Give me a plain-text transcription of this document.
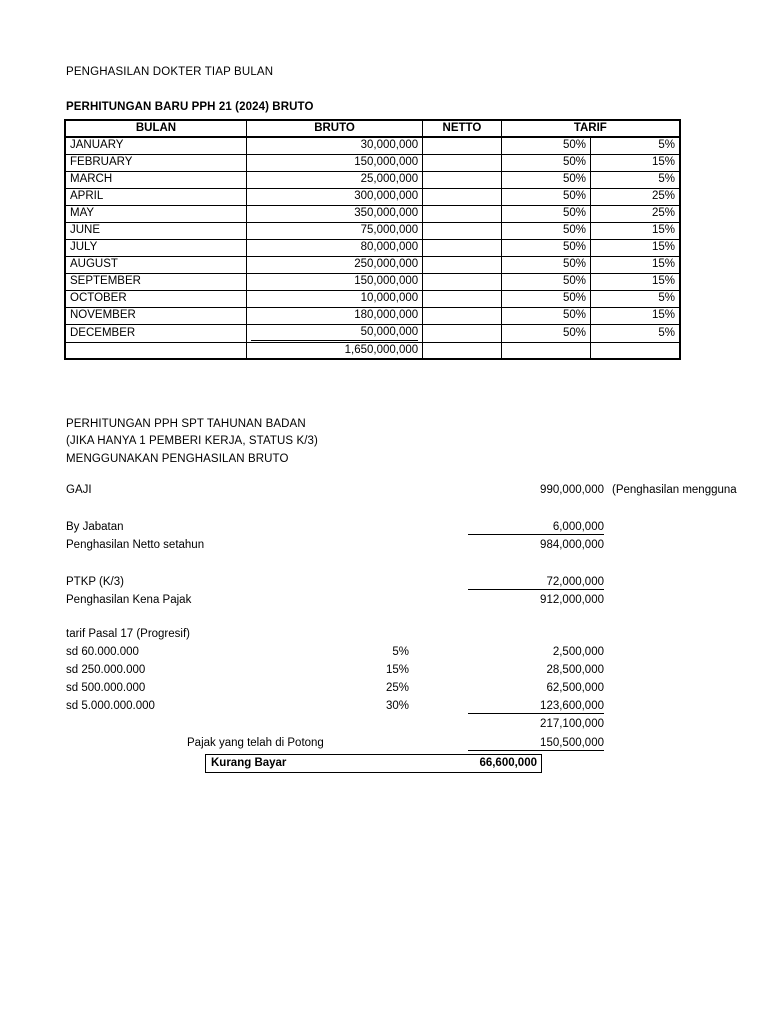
PENGHASILAN DOKTER TIAP BULAN
PERHITUNGAN BARU PPH 21 (2024) BRUTO
BULAN	BRUTO	NETTO	TARIF	
JANUARY	30,000,000		50%	5%
FEBRUARY	150,000,000		50%	15%
MARCH	25,000,000		50%	5%
APRIL	300,000,000		50%	25%
MAY	350,000,000		50%	25%
JUNE	75,000,000		50%	15%
JULY	80,000,000		50%	15%
AUGUST	250,000,000		50%	15%
SEPTEMBER	150,000,000		50%	15%
OCTOBER	10,000,000		50%	5%
NOVEMBER	180,000,000		50%	15%
DECEMBER	50,000,000		50%	5%
	1,650,000,000			
PERHITUNGAN PPH SPT TAHUNAN BADAN
(JIKA HANYA 1 PEMBERI KERJA, STATUS K/3)
MENGGUNAKAN PENGHASILAN BRUTO
GAJI	990,000,000 (Penghasilan mengguna
By Jabatan	6,000,000
Penghasilan Netto setahun	984,000,000
PTKP (K/3)	72,000,000
Penghasilan Kena Pajak	912,000,000
tarif Pasal 17 (Progresif)
sd 60.000.000	5%	2,500,000
sd 250.000.000	15%	28,500,000
sd 500.000.000	25%	62,500,000
sd 5.000.000.000	30%	123,600,000
217,100,000
Pajak yang telah di Potong	150,500,000
Kurang Bayar	66,600,000
